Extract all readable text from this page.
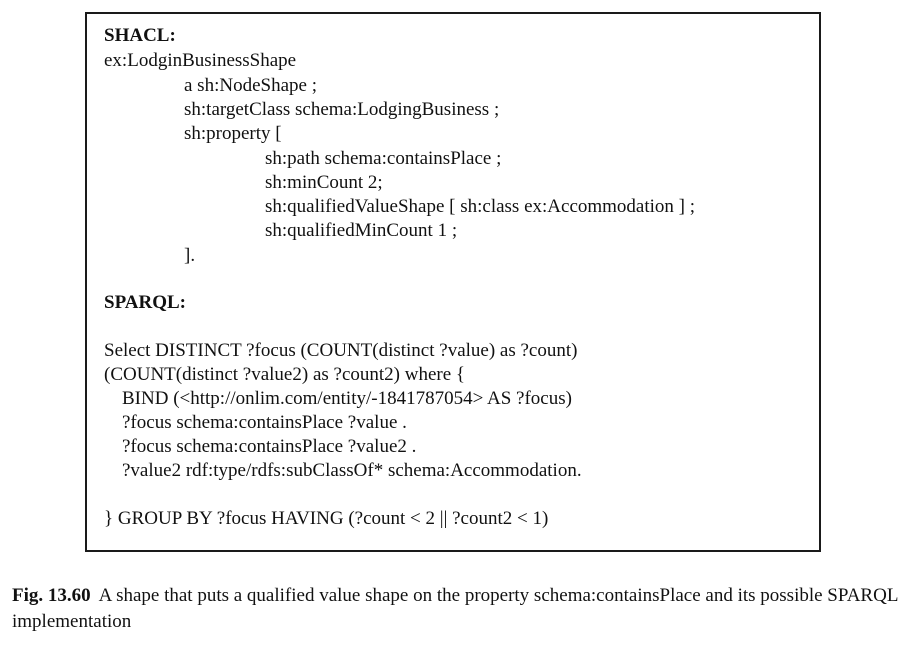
SHACL:
ex:LodginBusinessShape
a sh:NodeShape ;
sh:targetClass schema:LodgingBusiness ;
sh:property [
sh:path schema:containsPlace ;
sh:minCount 2;
sh:qualifiedValueShape [ sh:class ex:Accommodation ] ;
sh:qualifiedMinCount 1 ;
].
SPARQL:
Select DISTINCT ?focus (COUNT(distinct ?value) as ?count)
(COUNT(distinct ?value2) as ?count2) where {
BIND (<http://onlim.com/entity/-1841787054> AS ?focus)
?focus schema:containsPlace ?value .
?focus schema:containsPlace ?value2 .
?value2 rdf:type/rdfs:subClassOf* schema:Accommodation.
} GROUP BY ?focus HAVING (?count < 2 || ?count2 < 1)
Fig. 13.60 A shape that puts a qualified value shape on the property schema:containsPlace and its possible SPARQL implementation
